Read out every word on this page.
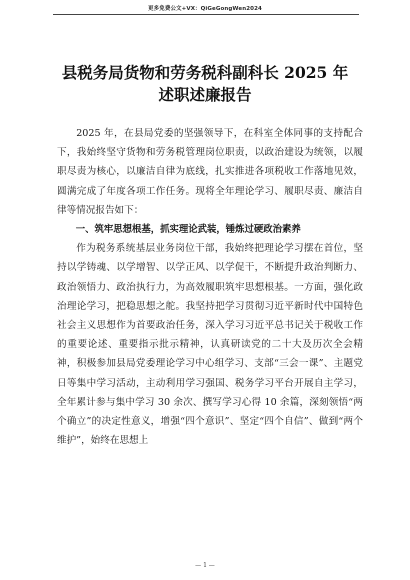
更多免费公文+VX：QiGeGongWen2024
县税务局货物和劳务税科副科长 2025 年
述职述廉报告

2025 年，在县局党委的坚强领导下，在科室全体同事的支持配合下，我始终坚守货物和劳务税管理岗位职责，以政治建设为统领，以履职尽责为核心，以廉洁自律为底线，扎实推进各项税收工作落地见效，圆满完成了年度各项工作任务。现将全年理论学习、履职尽责、廉洁自律等情况报告如下：

一、筑牢思想根基，抓实理论武装，锤炼过硬政治素养

作为税务系统基层业务岗位干部，我始终把理论学习摆在首位，坚持以学铸魂、以学增智、以学正风、以学促干，不断提升政治判断力、政治领悟力、政治执行力，为高效履职筑牢思想根基。一方面，强化政治理论学习，把稳思想之舵。我坚持把学习贯彻习近平新时代中国特色社会主义思想作为首要政治任务，深入学习习近平总书记关于税收工作的重要论述、重要指示批示精神，认真研读党的二十大及历次全会精神，积极参加县局党委理论学习中心组学习、支部“三会一课”、主题党日等集中学习活动，主动利用学习强国、税务学习平台开展自主学习，全年累计参与集中学习 30 余次、撰写学习心得 10 余篇，深刻领悟“两个确立”的决定性意义，增强“四个意识”、坚定“四个自信”、做到“两个维护”，始终在思想上

— 1 —
